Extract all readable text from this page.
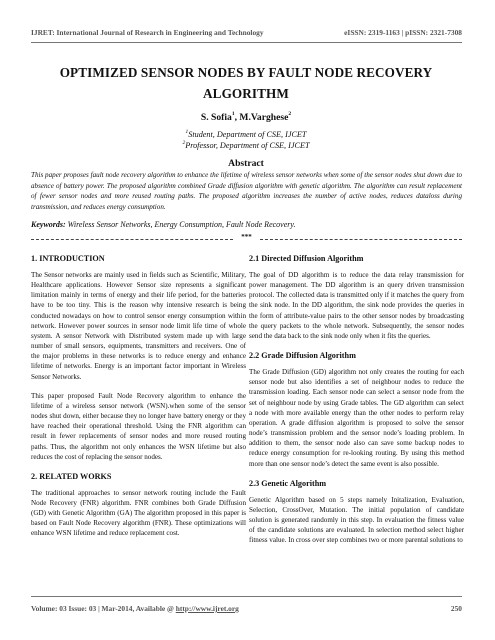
IJRET: International Journal of Research in Engineering and Technology	eISSN: 2319-1163 | pISSN: 2321-7308
OPTIMIZED SENSOR NODES BY FAULT NODE RECOVERY
ALGORITHM
S. Sofia$^1$, M.Varghese$^2$
$^1$Student, Department of CSE, IJCET
$^2$Professor, Department of CSE, IJCET
Abstract

This paper proposes fault node recovery algorithm to enhance the lifetime of wireless sensor networks when some of the sensor nodes shut down due to absence of battery power. The proposed algorithm combined Grade diffusion algorithm with genetic algorithm. The algorithm can result replacement of fewer sensor nodes and more reused routing paths. The proposed algorithm increases the number of active nodes, reduces dataloss during transmission, and reduces energy consumption.

Keywords: Wireless Sensor Networks, Energy Consumption, Fault Node Recovery.
***
1. INTRODUCTION

The Sensor networks are mainly used in fields such as Scientific, Military, Healthcare applications. However Sensor size represents a significant limitation mainly in terms of energy and their life period, for the batteries have to be too tiny. This is the reason why intensive research is being conducted nowadays on how to control sensor energy consumption within network. However power sources in sensor node limit life time of whole system. A sensor Network with Distributed system made up with large number of small sensors, equipments, transmitters and receivers. One of the major problems in these networks is to reduce energy and enhance lifetime of networks. Energy is an important factor important in Wireless Sensor Networks.

This paper proposed Fault Node Recovery algorithm to enhance the lifetime of a wireless sensor network (WSN).when some of the sensor nodes shut down, either because they no longer have battery energy or they have reached their operational threshold. Using the FNR algorithm can result in fewer replacements of sensor nodes and more reused routing paths. Thus, the algorithm not only enhances the WSN lifetime but also reduces the cost of replacing the sensor nodes.

2. RELATED WORKS

The traditional approaches to sensor network routing include the Fault Node Recovery (FNR) algorithm. FNR combines both Grade Diffusion (GD) with Genetic Algorithm (GA) The algorithm proposed in this paper is based on Fault Node Recovery algorithm (FNR). These optimizations will enhance WSN lifetime and reduce replacement cost.

2.1 Directed Diffusion Algorithm

The goal of DD algorithm is to reduce the data relay transmission for power management. The DD algorithm is an query driven transmission protocol. The collected data is transmitted only if it matches the query from the sink node. In the DD algorithm, the sink node provides the queries in the form of attribute-value pairs to the other sensor nodes by broadcasting the query packets to the whole network. Subsequently, the sensor nodes send the data back to the sink node only when it fits the queries.

2.2 Grade Diffusion Algorithm

The Grade Diffusion (GD) algorithm not only creates the routing for each sensor node but also identifies a set of neighbour nodes to reduce the transmission loading. Each sensor node can select a sensor node from the set of neighbour node by using Grade tables. The GD algorithm can select a node with more available energy than the other nodes to perform relay operation. A grade diffusion algorithm is proposed to solve the sensor node’s transmission problem and the sensor node’s loading problem. In addition to them, the sensor node also can save some backup nodes to reduce energy consumption for re-looking routing. By using this method more than one sensor node’s detect the same event is also possible.

2.3 Genetic Algorithm

Genetic Algorithm based on 5 steps namely Initalization, Evaluation, Selection, CrossOver, Mutation. The initial population of candidate solution is generated randomly in this step. In evaluation the fitness value of the candidate solutions are evaluated. In selection method select higher fitness value. In cross over step combines two or more parental solutions to

Volume: 03 Issue: 03 | Mar-2014, Available @ http://www.ijret.org	250
